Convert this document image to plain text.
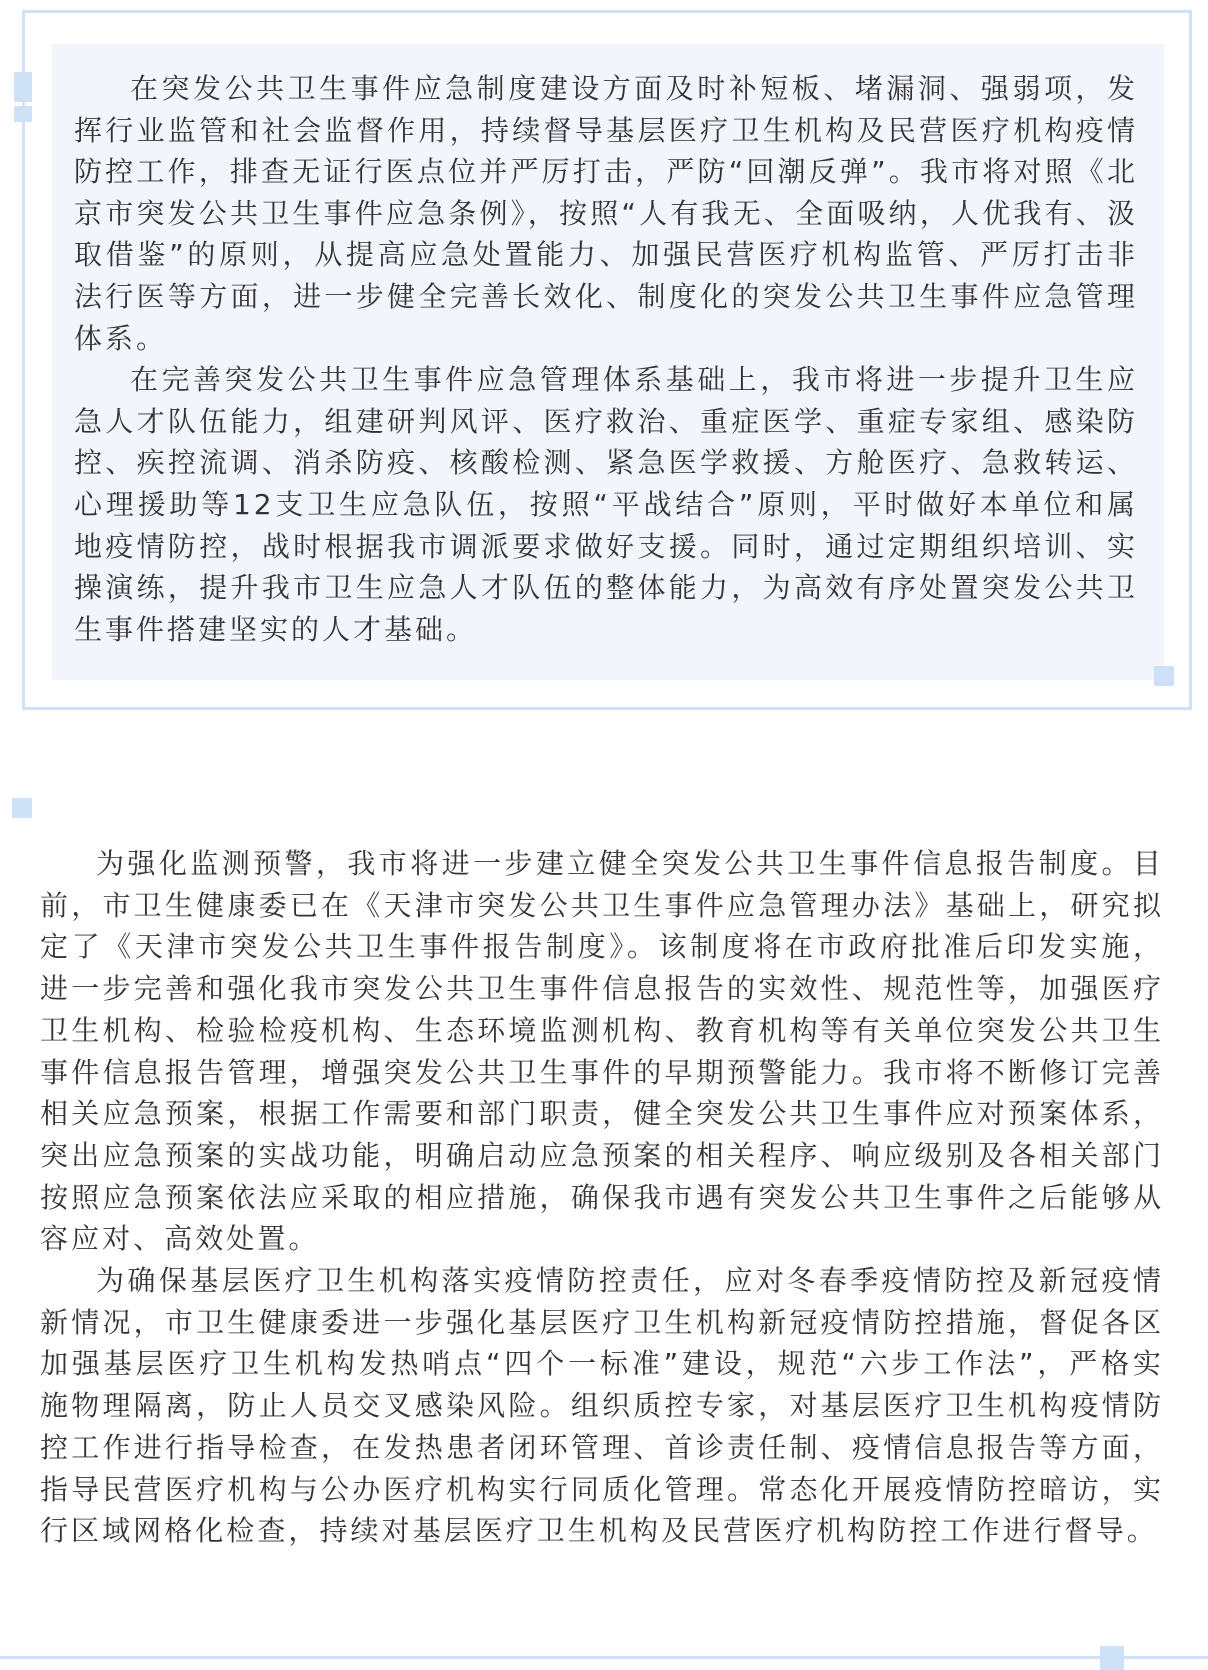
在突发公共卫生事件应急制度建设方面及时补短板、堵漏洞、强弱项，发挥行业监管和社会监督作用，持续督导基层医疗卫生机构及民营医疗机构疫情防控工作，排查无证行医点位并严厉打击，严防“回潮反弹”。我市将对照《北京市突发公共卫生事件应急条例》，按照“人有我无、全面吸纳，人优我有、汲取借鉴”的原则，从提高应急处置能力、加强民营医疗机构监管、严厉打击非法行医等方面，进一步健全完善长效化、制度化的突发公共卫生事件应急管理体系。

在完善突发公共卫生事件应急管理体系基础上，我市将进一步提升卫生应急人才队伍能力，组建研判风评、医疗救治、重症医学、重症专家组、感染防控、疾控流调、消杀防疫、核酸检测、紧急医学救援、方舱医疗、急救转运、心理援助等12支卫生应急队伍，按照“平战结合”原则，平时做好本单位和属地疫情防控，战时根据我市调派要求做好支援。同时，通过定期组织培训、实操演练，提升我市卫生应急人才队伍的整体能力，为高效有序处置突发公共卫生事件搭建坚实的人才基础。

为强化监测预警，我市将进一步建立健全突发公共卫生事件信息报告制度。目前，市卫生健康委已在《天津市突发公共卫生事件应急管理办法》基础上，研究拟定了《天津市突发公共卫生事件报告制度》。该制度将在市政府批准后印发实施，进一步完善和强化我市突发公共卫生事件信息报告的实效性、规范性等，加强医疗卫生机构、检验检疫机构、生态环境监测机构、教育机构等有关单位突发公共卫生事件信息报告管理，增强突发公共卫生事件的早期预警能力。我市将不断修订完善相关应急预案，根据工作需要和部门职责，健全突发公共卫生事件应对预案体系，突出应急预案的实战功能，明确启动应急预案的相关程序、响应级别及各相关部门按照应急预案依法应采取的相应措施，确保我市遇有突发公共卫生事件之后能够从容应对、高效处置。

为确保基层医疗卫生机构落实疫情防控责任，应对冬春季疫情防控及新冠疫情新情况，市卫生健康委进一步强化基层医疗卫生机构新冠疫情防控措施，督促各区加强基层医疗卫生机构发热哨点“四个一标准”建设，规范“六步工作法”，严格实施物理隔离，防止人员交叉感染风险。组织质控专家，对基层医疗卫生机构疫情防控工作进行指导检查，在发热患者闭环管理、首诊责任制、疫情信息报告等方面，指导民营医疗机构与公办医疗机构实行同质化管理。常态化开展疫情防控暗访，实行区域网格化检查，持续对基层医疗卫生机构及民营医疗机构防控工作进行督导。
